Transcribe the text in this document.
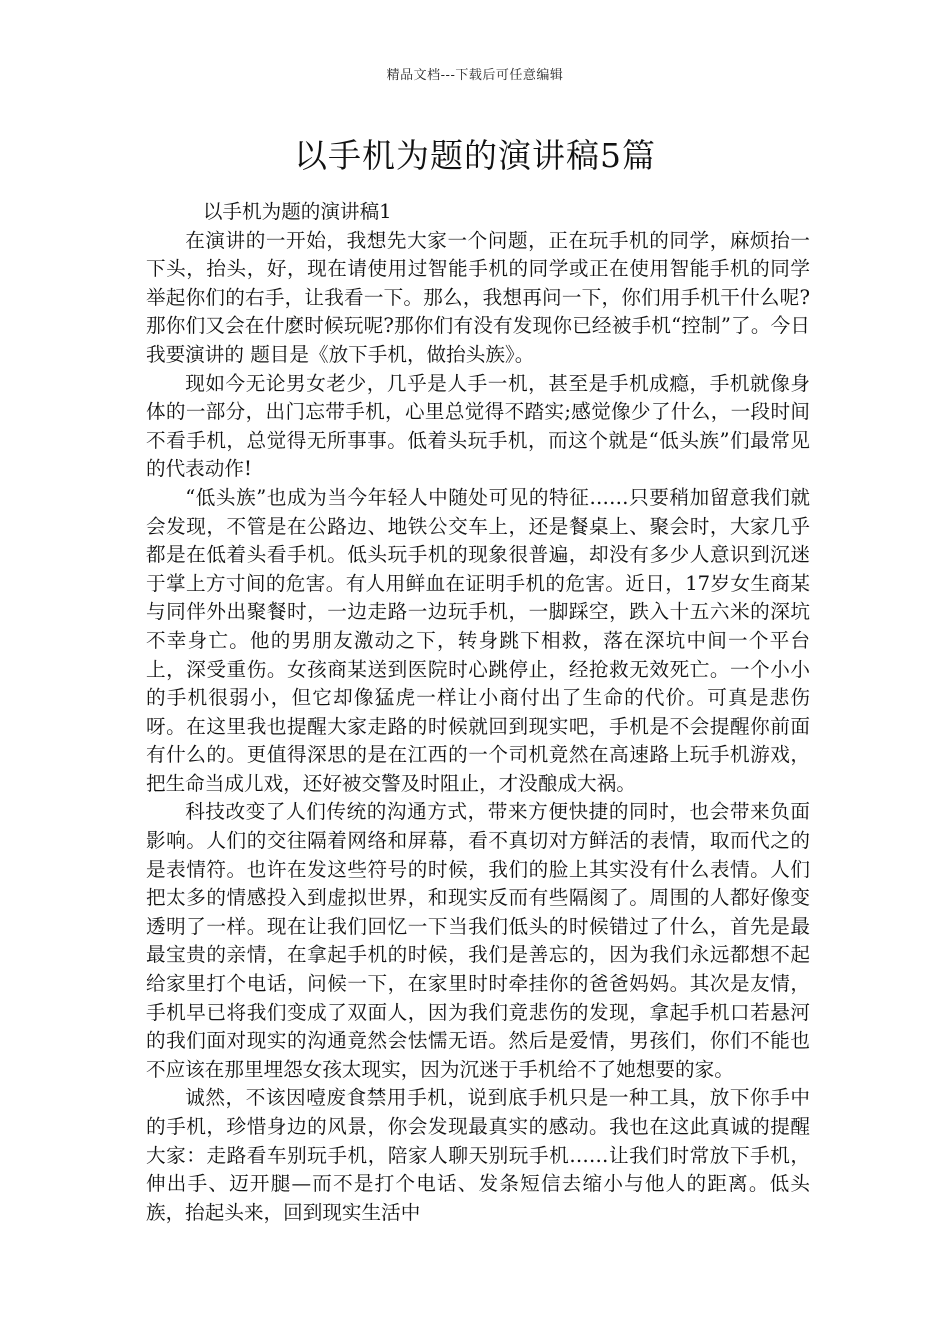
精品文档---下载后可任意编辑
以手机为题的演讲稿5篇

以手机为题的演讲稿1

在演讲的一开始，我想先大家一个问题，正在玩手机的同学，麻烦抬一下头，抬头，好，现在请使用过智能手机的同学或正在使用智能手机的同学举起你们的右手，让我看一下。那么，我想再问一下，你们用手机干什么呢?那你们又会在什麽时候玩呢?那你们有没有发现你已经被手机“控制”了。今日我要演讲的 题目是《放下手机，做抬头族》。

现如今无论男女老少，几乎是人手一机，甚至是手机成瘾，手机就像身体的一部分，出门忘带手机，心里总觉得不踏实;感觉像少了什么，一段时间不看手机，总觉得无所事事。低着头玩手机，而这个就是“低头族”们最常见的代表动作!

“低头族”也成为当今年轻人中随处可见的特征……只要稍加留意我们就会发现，不管是在公路边、地铁公交车上，还是餐桌上、聚会时，大家几乎都是在低着头看手机。低头玩手机的现象很普遍，却没有多少人意识到沉迷于掌上方寸间的危害。有人用鲜血在证明手机的危害。近日，17岁女生商某与同伴外出聚餐时，一边走路一边玩手机，一脚踩空，跌入十五六米的深坑不幸身亡。他的男朋友激动之下，转身跳下相救，落在深坑中间一个平台上，深受重伤。女孩商某送到医院时心跳停止，经抢救无效死亡。一个小小的手机很弱小，但它却像猛虎一样让小商付出了生命的代价。可真是悲伤呀。在这里我也提醒大家走路的时候就回到现实吧，手机是不会提醒你前面有什么的。更值得深思的是在江西的一个司机竟然在高速路上玩手机游戏，把生命当成儿戏，还好被交警及时阻止，才没酿成大祸。

科技改变了人们传统的沟通方式，带来方便快捷的同时，也会带来负面影响。人们的交往隔着网络和屏幕，看不真切对方鲜活的表情，取而代之的是表情符。也许在发这些符号的时候，我们的脸上其实没有什么表情。人们把太多的情感投入到虚拟世界，和现实反而有些隔阂了。周围的人都好像变透明了一样。现在让我们回忆一下当我们低头的时候错过了什么，首先是最最宝贵的亲情，在拿起手机的时候，我们是善忘的，因为我们永远都想不起给家里打个电话，问候一下，在家里时时牵挂你的爸爸妈妈。其次是友情，手机早已将我们变成了双面人，因为我们竟悲伤的发现，拿起手机口若悬河的我们面对现实的沟通竟然会怯懦无语。然后是爱情，男孩们，你们不能也不应该在那里埋怨女孩太现实，因为沉迷于手机给不了她想要的家。

诚然，不该因噎废食禁用手机，说到底手机只是一种工具，放下你手中的手机，珍惜身边的风景，你会发现最真实的感动。我也在这此真诚的提醒大家：走路看车别玩手机，陪家人聊天别玩手机……让我们时常放下手机，伸出手、迈开腿—而不是打个电话、发条短信去缩小与他人的距离。低头族，抬起头来，回到现实生活中
